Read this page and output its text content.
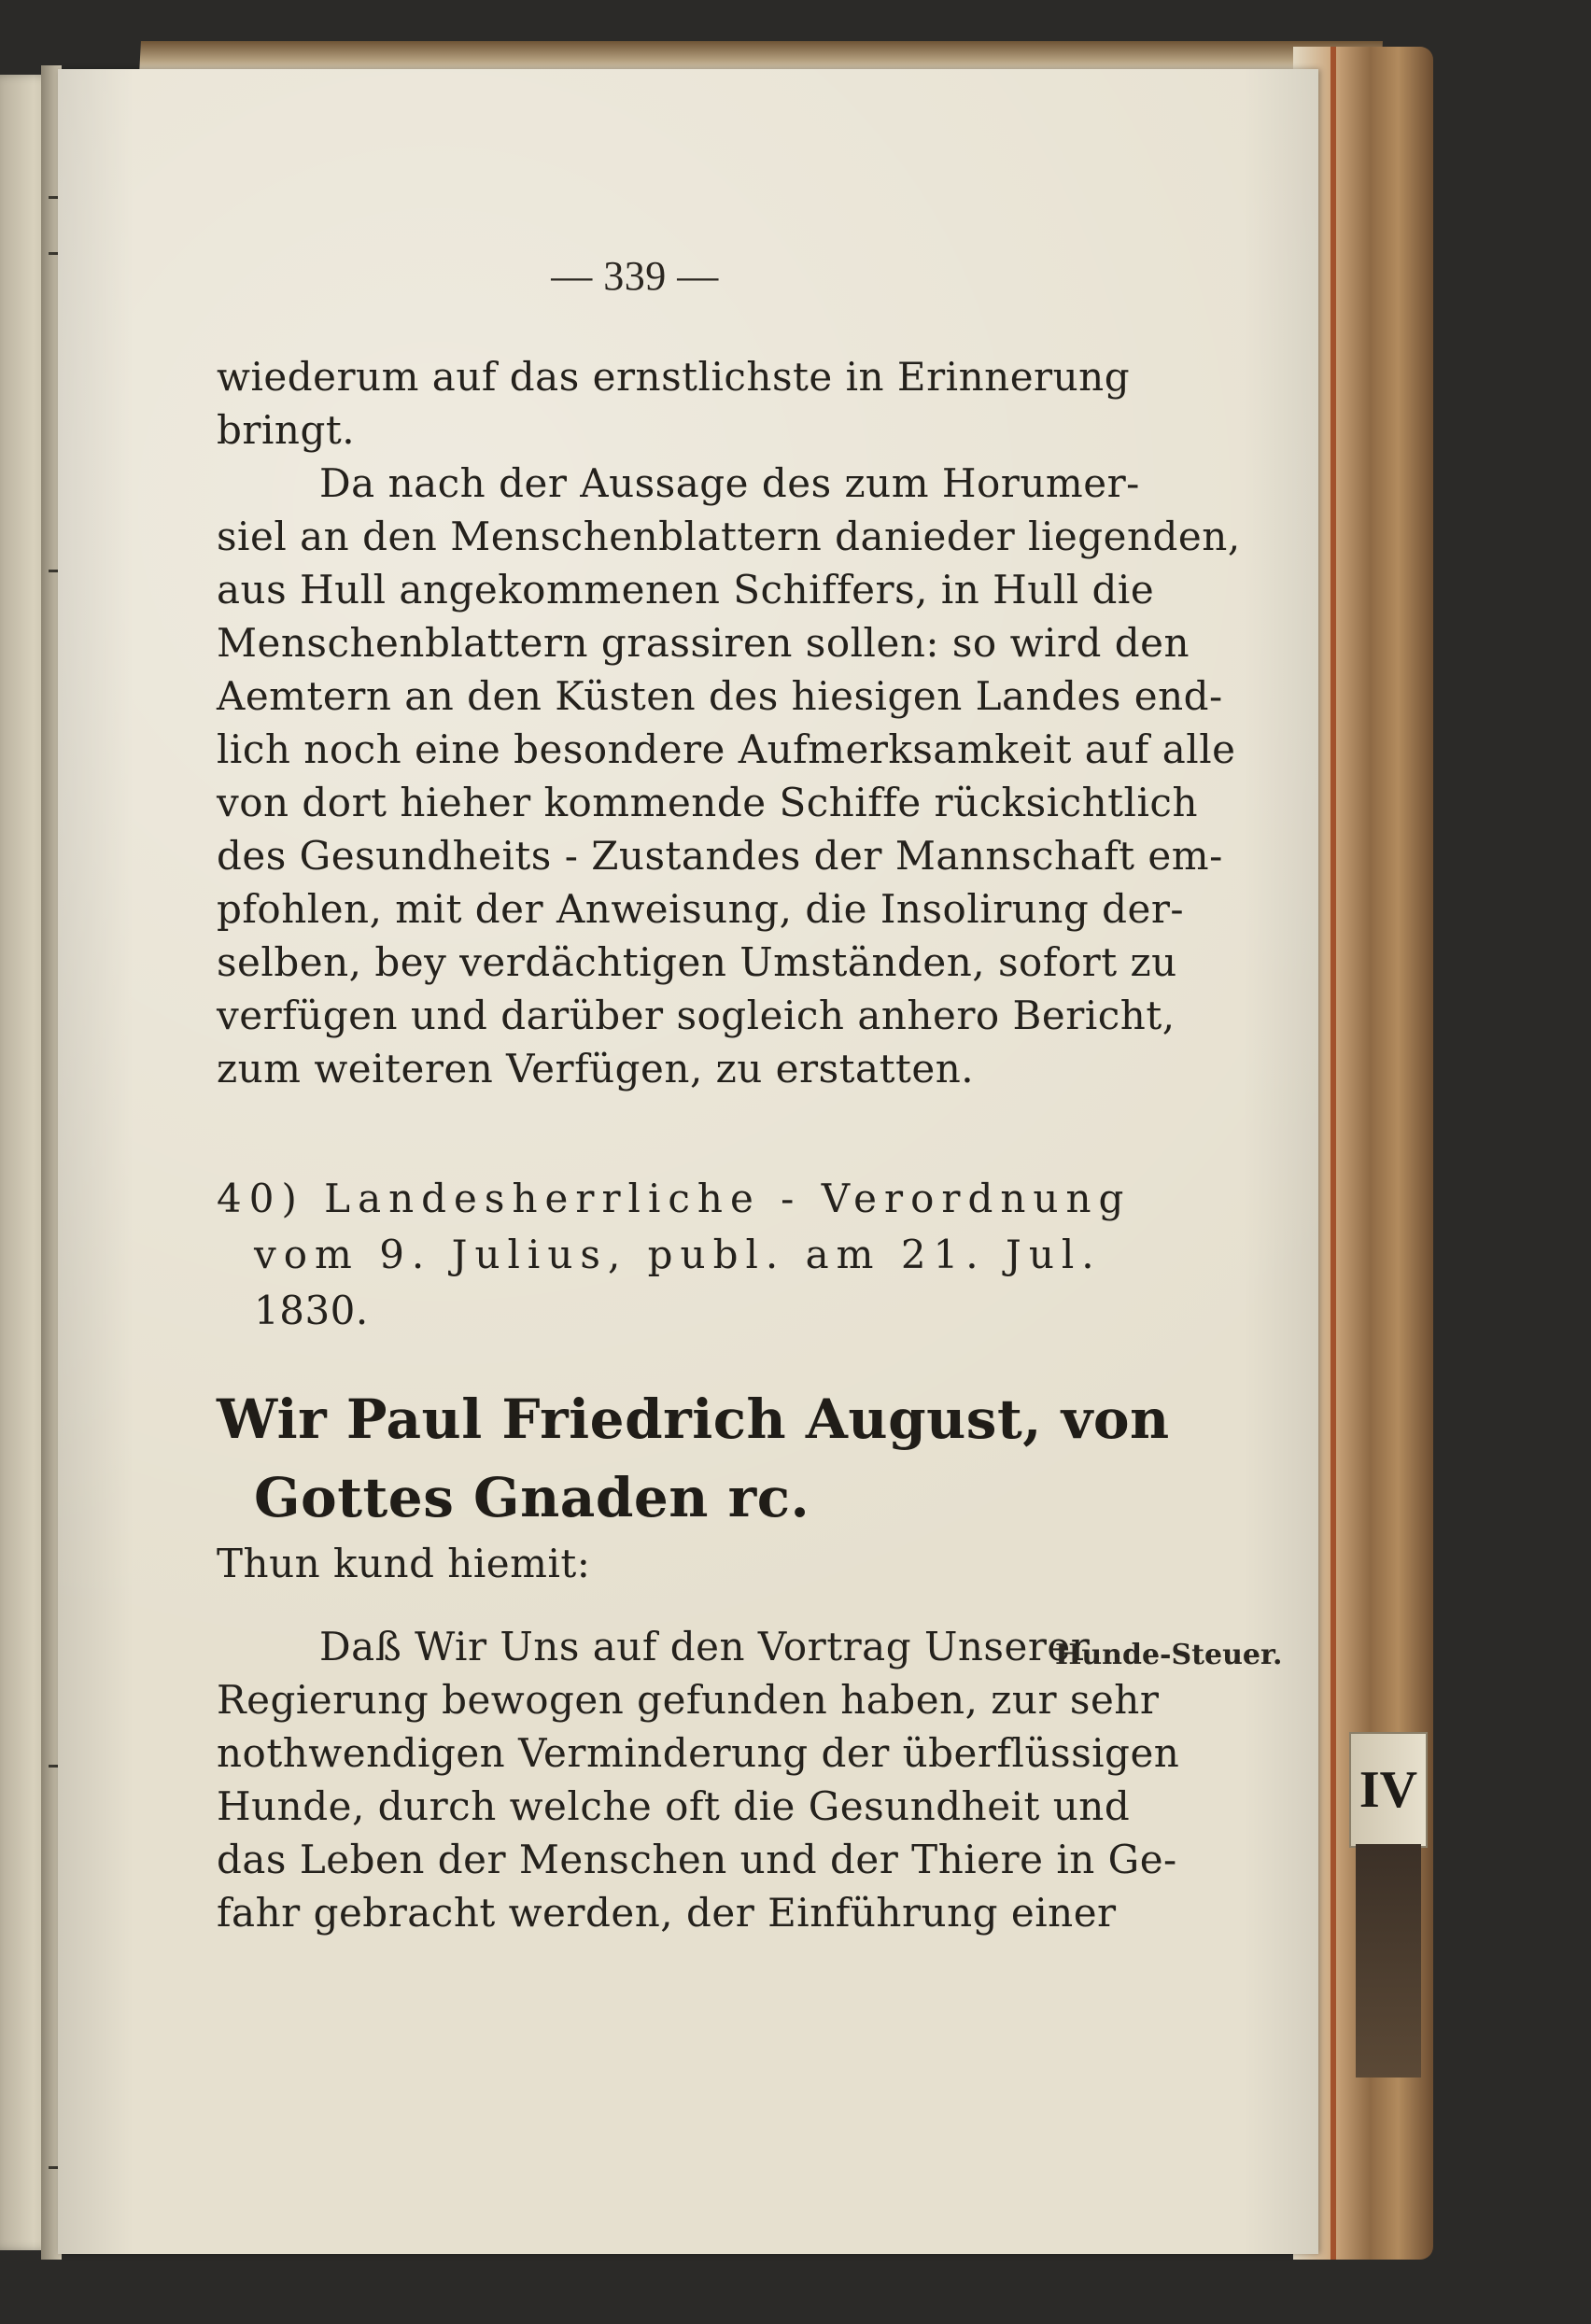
— 339 —
wiederum auf das ernstlichste in Erinnerung
bringt.
Da nach der Aussage des zum Horumer-
siel an den Menschenblattern danieder liegenden,
aus Hull angekommenen Schiffers, in Hull die
Menschenblattern grassiren sollen: so wird den
Aemtern an den Küsten des hiesigen Landes end-
lich noch eine besondere Aufmerksamkeit auf alle
von dort hieher kommende Schiffe rücksichtlich
des Gesundheits - Zustandes der Mannschaft em-
pfohlen, mit der Anweisung, die Insolirung der-
selben, bey verdächtigen Umständen, sofort zu
verfügen und darüber sogleich anhero Bericht,
zum weiteren Verfügen, zu erstatten.
40) Landesherrliche - Verordnung
vom 9. Julius, publ. am 21. Jul.
1830.
Wir Paul Friedrich August, von
Gottes Gnaden rc.
Thun kund hiemit:
Daß Wir Uns auf den Vortrag Unserer
Regierung bewogen gefunden haben, zur sehr
nothwendigen Verminderung der überflüssigen
Hunde, durch welche oft die Gesundheit und
das Leben der Menschen und der Thiere in Ge-
fahr gebracht werden, der Einführung einer
Hunde-Steuer.
IV
